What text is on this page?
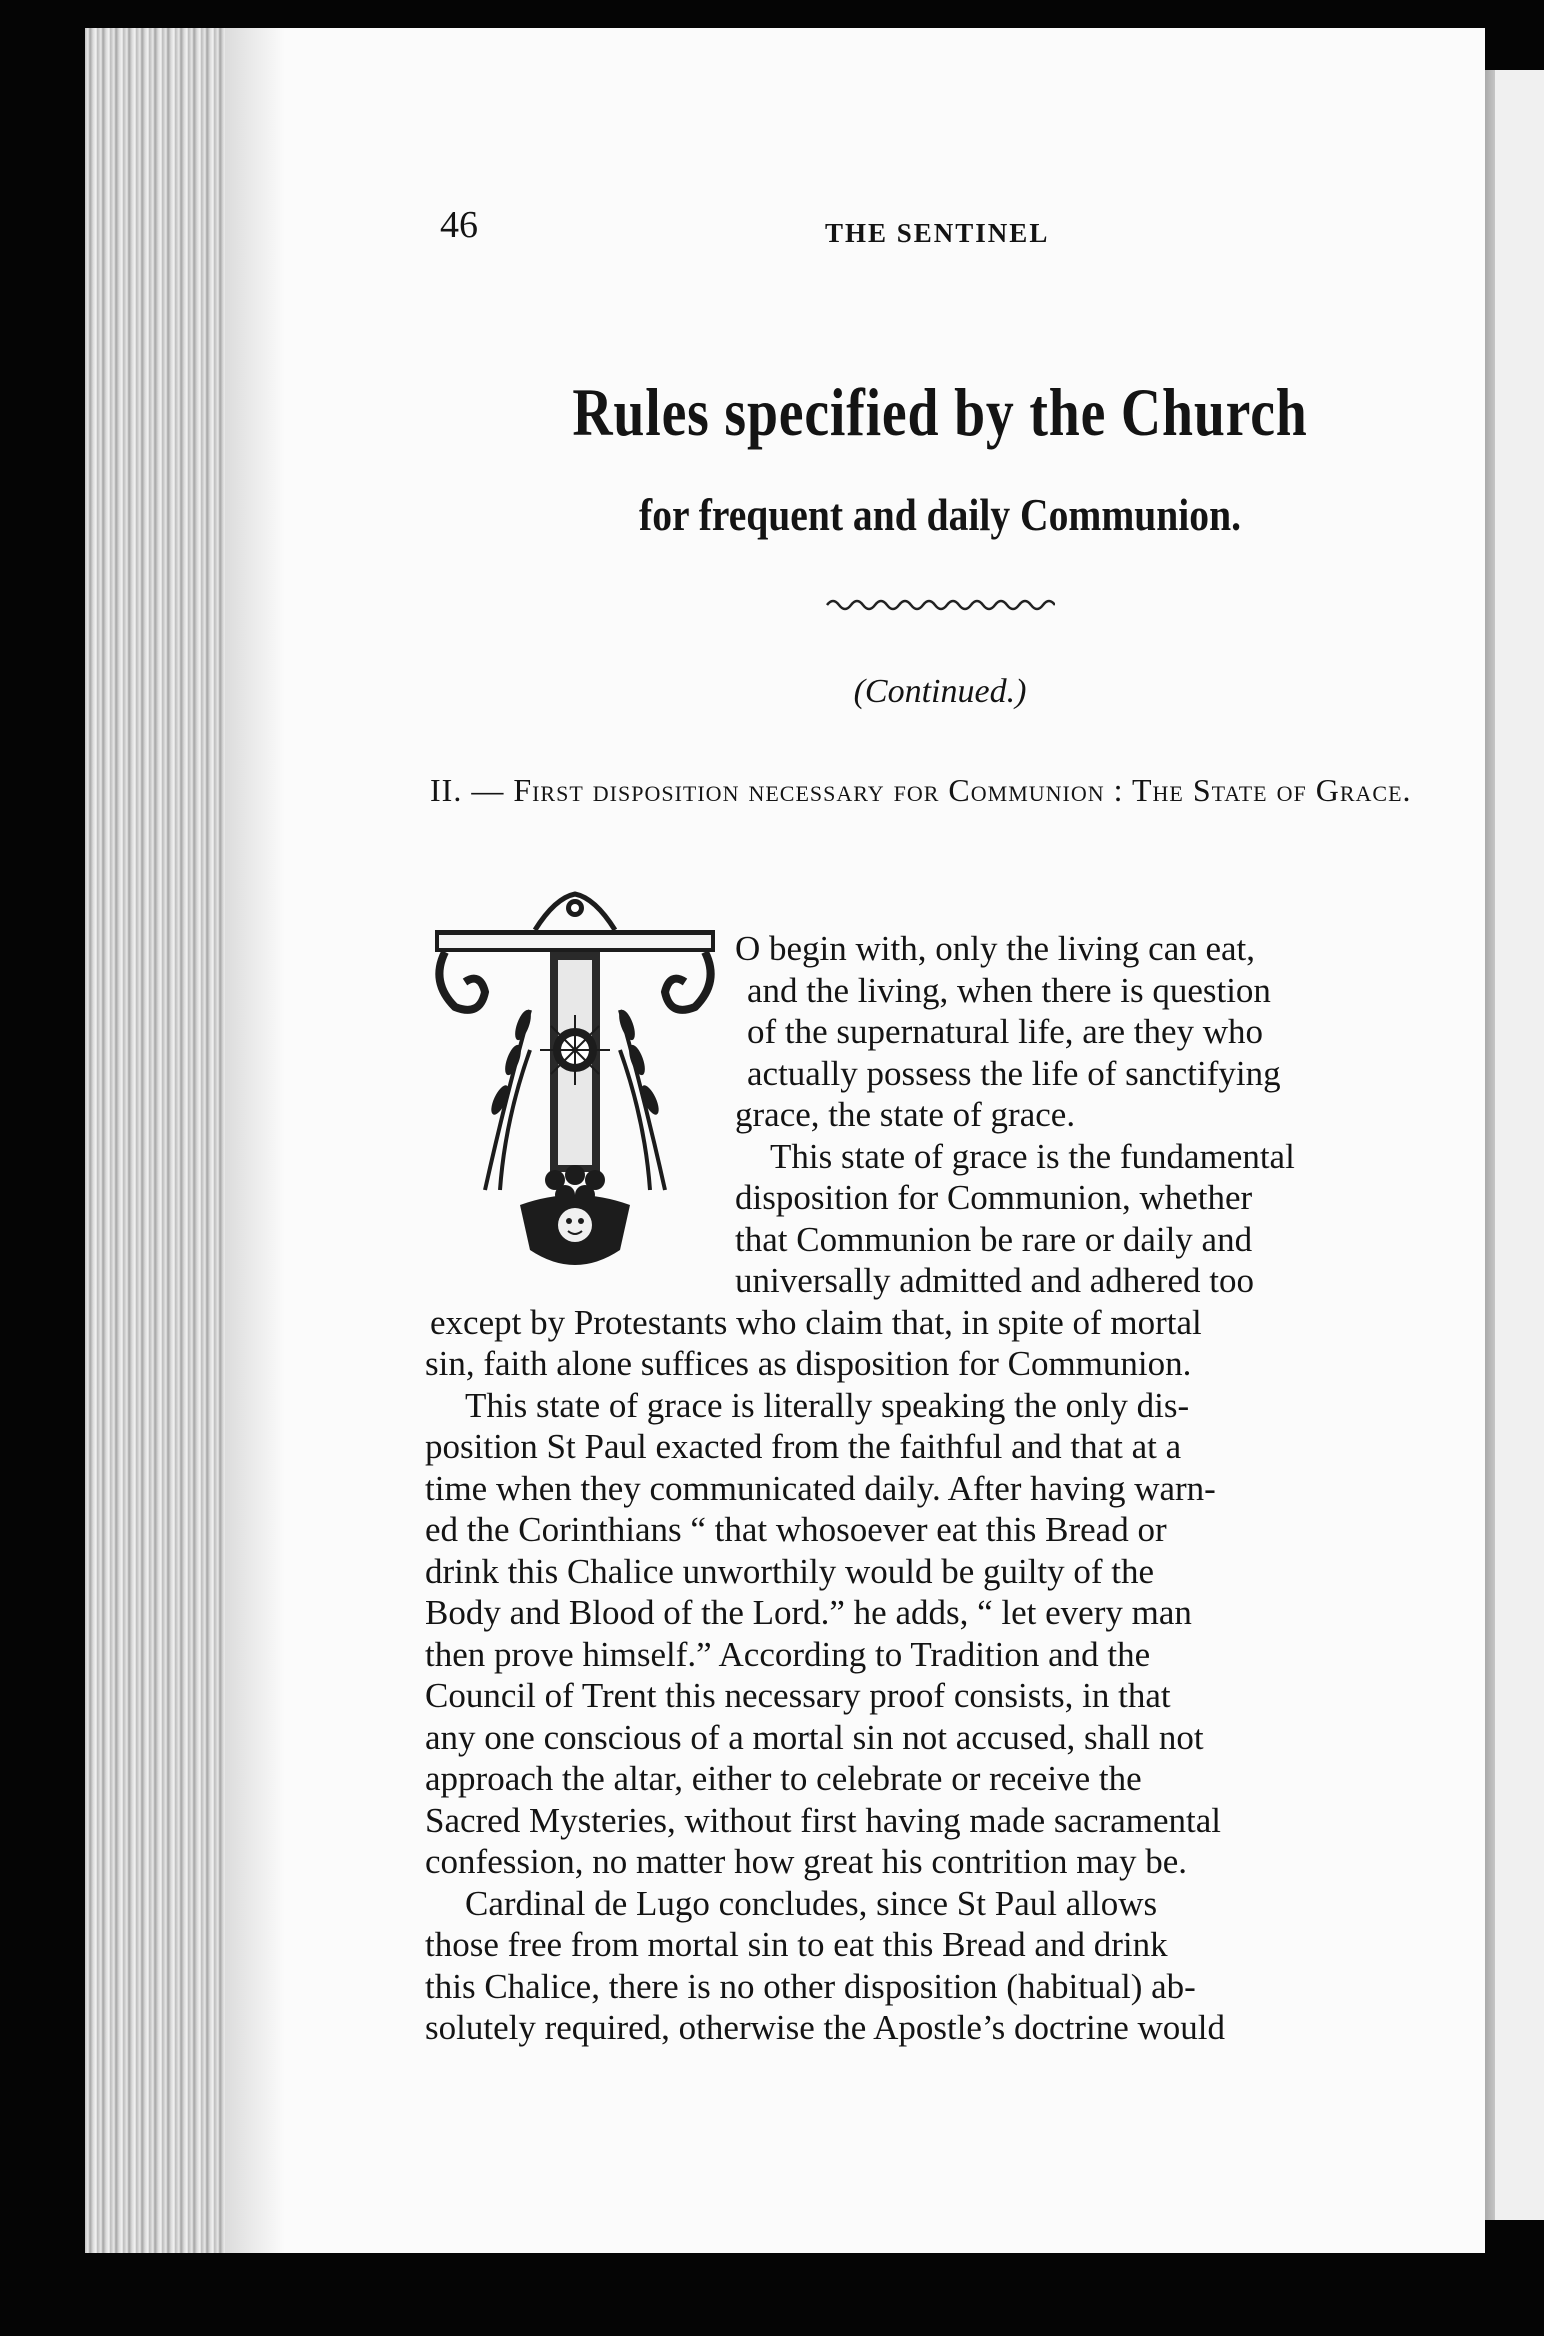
46	THE SENTINEL
Rules specified by the Church
for frequent and daily Communion.
(Continued.)
II. — First disposition necessary for Communion : The State of Grace.
O begin with, only the living can eat,
and the living, when there is question
of the supernatural life, are they who
actually possess the life of sanctifying
grace, the state of grace.
This state of grace is the fundamental
disposition for Communion, whether
that Communion be rare or daily and
universally admitted and adhered too
except by Protestants who claim that, in spite of mortal
sin, faith alone suffices as disposition for Communion.
This state of grace is literally speaking the only dis-
position St Paul exacted from the faithful and that at a
time when they communicated daily. After having warn-
ed the Corinthians “ that whosoever eat this Bread or
drink this Chalice unworthily would be guilty of the
Body and Blood of the Lord.” he adds, “ let every man
then prove himself.” According to Tradition and the
Council of Trent this necessary proof consists, in that
any one conscious of a mortal sin not accused, shall not
approach the altar, either to celebrate or receive the
Sacred Mysteries, without first having made sacramental
confession, no matter how great his contrition may be.
Cardinal de Lugo concludes, since St Paul allows
those free from mortal sin to eat this Bread and drink
this Chalice, there is no other disposition (habitual) ab-
solutely required, otherwise the Apostle’s doctrine would
